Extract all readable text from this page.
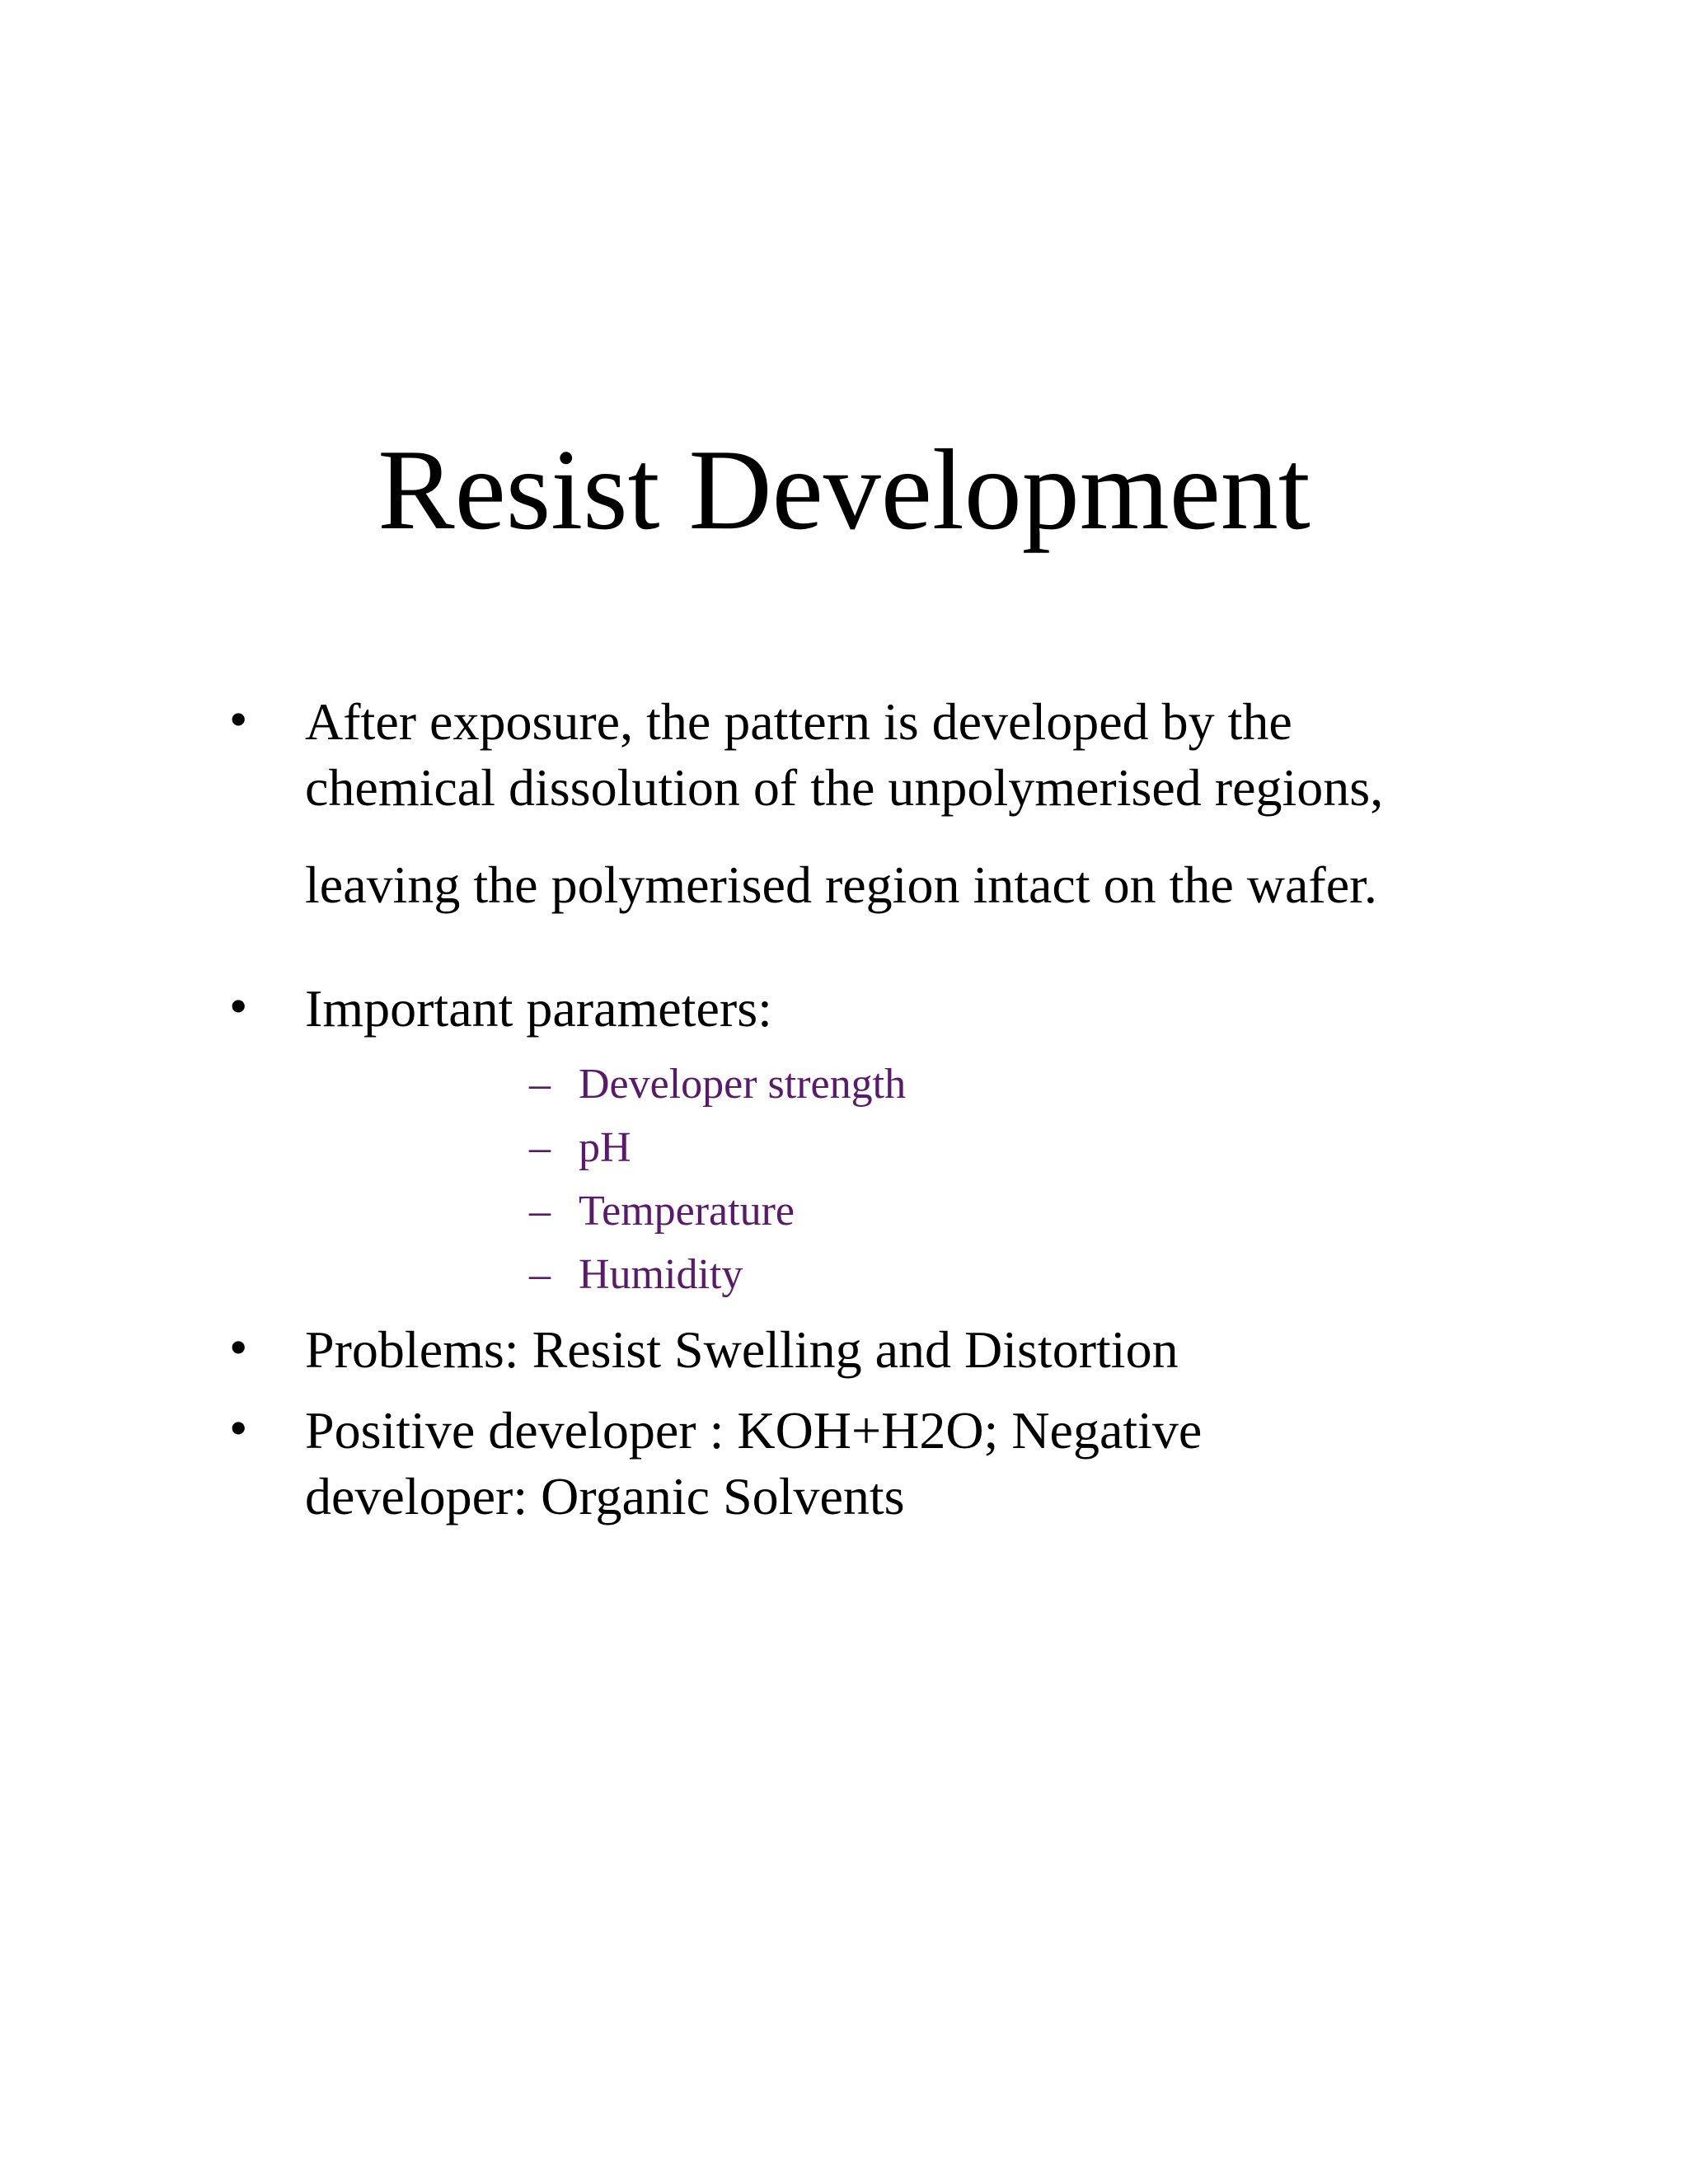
Resist Development
• After exposure, the pattern is developed by the
chemical dissolution of the unpolymerised regions,
leaving the polymerised region intact on the wafer.
• Important parameters:
– Developer strength
– pH
– Temperature
– Humidity
• Problems: Resist Swelling and Distortion
• Positive developer : KOH+H2O; Negative
developer: Organic Solvents
